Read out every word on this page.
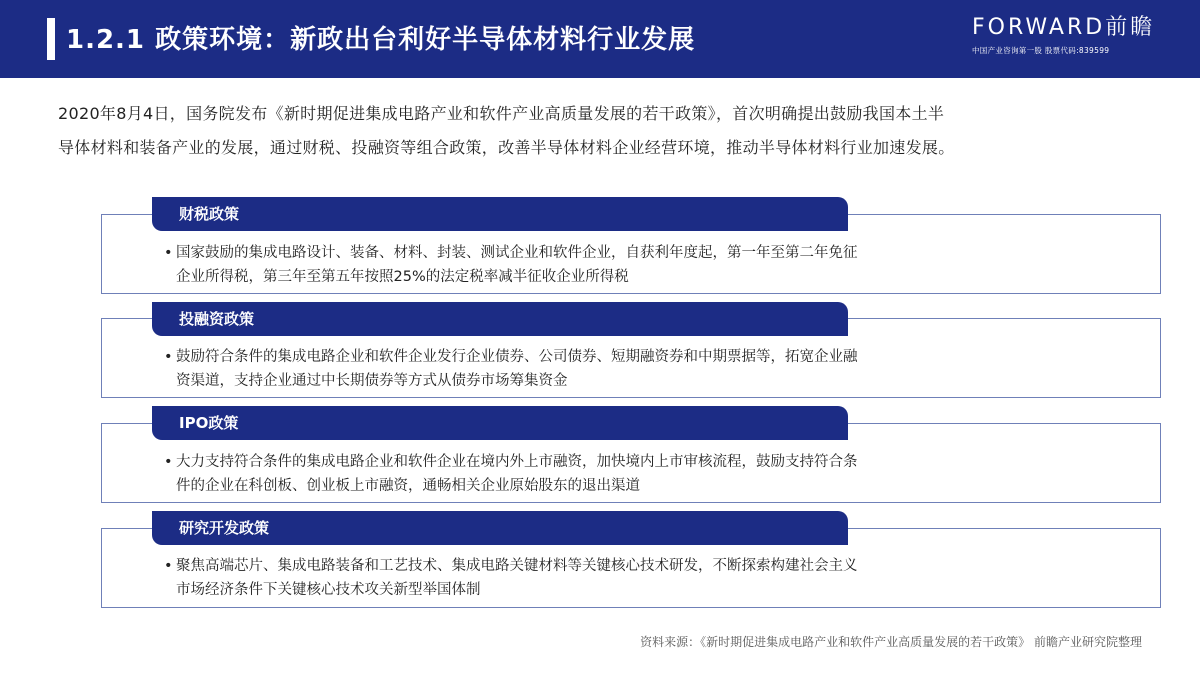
1.2.1 政策环境：新政出台利好半导体材料行业发展	FORWARD前瞻
中国产业咨询第一股 股票代码:839599
2020年8月4日，国务院发布《新时期促进集成电路产业和软件产业高质量发展的若干政策》，首次明确提出鼓励我国本土半
导体材料和装备产业的发展，通过财税、投融资等组合政策，改善半导体材料企业经营环境，推动半导体材料行业加速发展。
财税政策
• 国家鼓励的集成电路设计、装备、材料、封装、测试企业和软件企业，自获利年度起，第一年至第二年免征
企业所得税，第三年至第五年按照25%的法定税率减半征收企业所得税
投融资政策
• 鼓励符合条件的集成电路企业和软件企业发行企业债券、公司债券、短期融资券和中期票据等，拓宽企业融
资渠道，支持企业通过中长期债券等方式从债券市场筹集资金
IPO政策
• 大力支持符合条件的集成电路企业和软件企业在境内外上市融资，加快境内上市审核流程，鼓励支持符合条
件的企业在科创板、创业板上市融资，通畅相关企业原始股东的退出渠道
研究开发政策
• 聚焦高端芯片、集成电路装备和工艺技术、集成电路关键材料等关键核心技术研发，不断探索构建社会主义
市场经济条件下关键核心技术攻关新型举国体制
资料来源：《新时期促进集成电路产业和软件产业高质量发展的若干政策》 前瞻产业研究院整理
